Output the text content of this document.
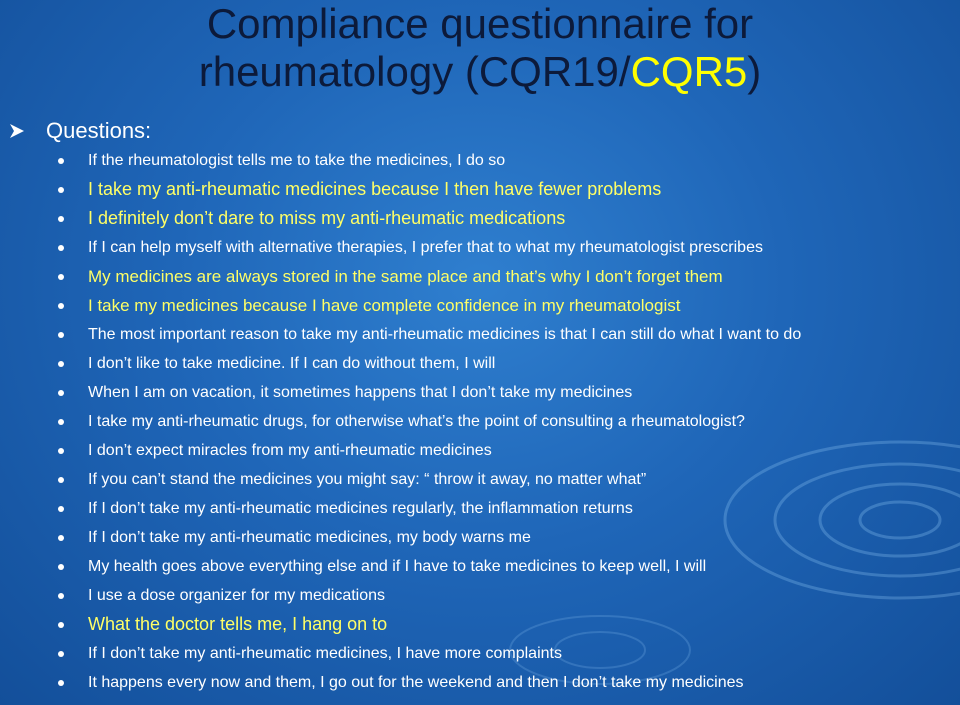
Compliance questionnaire for
rheumatology (CQR19/CQR5)
Questions:
If the rheumatologist tells me to take the medicines, I do so
I take my anti-rheumatic medicines because I then have fewer problems
I definitely don’t dare to miss my anti-rheumatic medications
If I can help myself with alternative therapies, I prefer that to what my rheumatologist prescribes
My medicines are always stored in the same place and that’s why I don’t forget them
I take my medicines because I have complete confidence in my rheumatologist
The most important reason to take my anti-rheumatic medicines is that I can still do what I want to do
I don’t like to take medicine. If I can do without them, I will
When I am on vacation, it sometimes happens that I don’t take my medicines
I take my anti-rheumatic drugs, for otherwise what’s the point of consulting a rheumatologist?
I don’t expect miracles from my anti-rheumatic medicines
If you can’t stand the medicines you might say: “ throw it away, no matter what”
If I don’t take my anti-rheumatic medicines regularly, the inflammation returns
If I don’t take my anti-rheumatic medicines, my body warns me
My health goes above everything else and if I have to take medicines to keep well, I will
I use a dose organizer for my medications
What the doctor tells me, I hang on to
If I don’t take my anti-rheumatic medicines, I have more complaints
It happens every now and them, I go out for the weekend and then I don’t take my medicines
